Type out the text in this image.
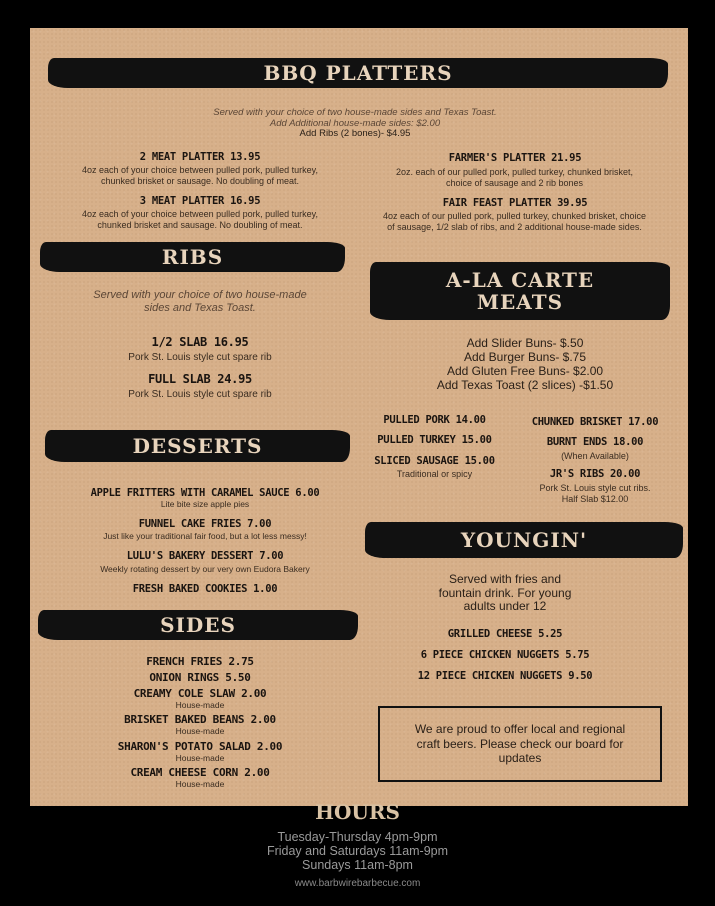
BBQ PLATTERS
Served with your choice of two house-made sides and Texas Toast.
Add Additional house-made sides: $2.00
Add Ribs (2 bones)- $4.95
2 MEAT PLATTER 13.95
4oz each of your choice between pulled pork, pulled turkey,
chunked brisket or sausage. No doubling of meat.
3 MEAT PLATTER 16.95
4oz each of your choice between pulled pork, pulled turkey,
chunked brisket and sausage. No doubling of meat.
FARMER'S PLATTER 21.95
2oz. each of our pulled pork, pulled turkey, chunked brisket,
choice of sausage and 2 rib bones
FAIR FEAST PLATTER 39.95
4oz each of our pulled pork, pulled turkey, chunked brisket, choice
of sausage, 1/2 slab of ribs, and 2 additional house-made sides.
RIBS
Served with your choice of two house-made
sides and Texas Toast.
1/2 SLAB 16.95
Pork St. Louis style cut spare rib
FULL SLAB 24.95
Pork St. Louis style cut spare rib
DESSERTS
APPLE FRITTERS WITH CARAMEL SAUCE 6.00
Lite bite size apple pies
FUNNEL CAKE FRIES 7.00
Just like your traditional fair food, but a lot less messy!
LULU'S BAKERY DESSERT 7.00
Weekly rotating dessert by our very own Eudora Bakery
FRESH BAKED COOKIES 1.00
SIDES
FRENCH FRIES 2.75
ONION RINGS 5.50
CREAMY COLE SLAW 2.00
House-made
BRISKET BAKED BEANS 2.00
House-made
SHARON'S POTATO SALAD 2.00
House-made
CREAM CHEESE CORN 2.00
House-made
A-LA CARTE
MEATS
Add Slider Buns- $.50
Add Burger Buns- $.75
Add Gluten Free Buns- $2.00
Add Texas Toast (2 slices) -$1.50
PULLED PORK 14.00
PULLED TURKEY 15.00
SLICED SAUSAGE 15.00
Traditional or spicy
CHUNKED BRISKET 17.00
BURNT ENDS 18.00
(When Available)
JR'S RIBS 20.00
Pork St. Louis style cut ribs.
Half Slab $12.00
YOUNGIN'
Served with fries and
fountain drink. For young
adults under 12
GRILLED CHEESE 5.25
6 PIECE CHICKEN NUGGETS 5.75
12 PIECE CHICKEN NUGGETS 9.50
We are proud to offer local and regional
craft beers. Please check our board for
updates
HOURS
Tuesday-Thursday 4pm-9pm
Friday and Saturdays 11am-9pm
Sundays 11am-8pm
www.barbwirebarbecue.com
